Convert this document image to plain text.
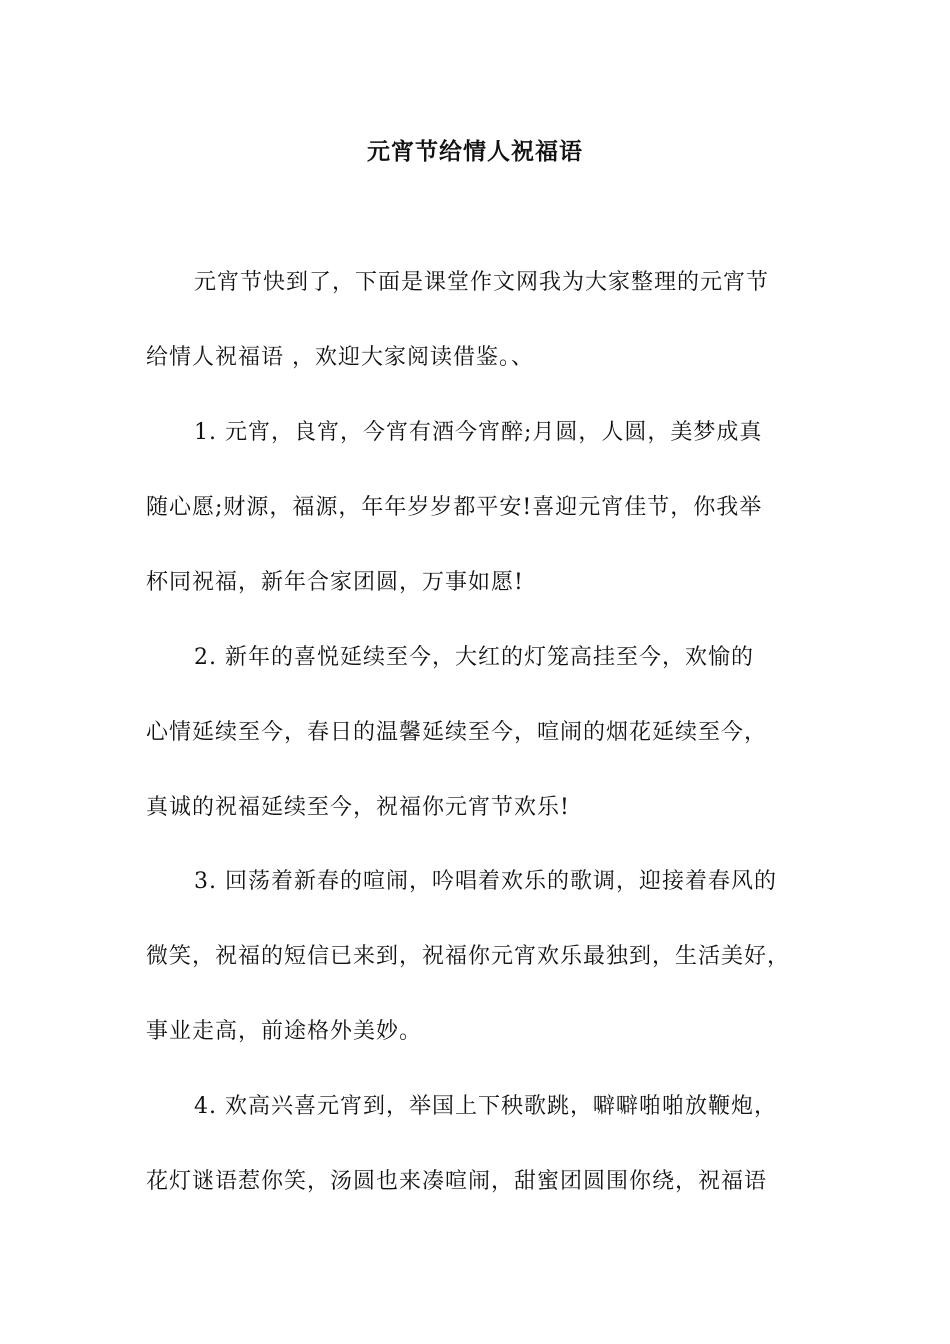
元宵节给情人祝福语
元宵节快到了，下面是课堂作文网我为大家整理的元宵节
给情人祝福语 ，欢迎大家阅读借鉴。、
1. 元宵，良宵，今宵有酒今宵醉;月圆，人圆，美梦成真
随心愿;财源，福源，年年岁岁都平安!喜迎元宵佳节，你我举
杯同祝福，新年合家团圆，万事如愿!
2. 新年的喜悦延续至今，大红的灯笼高挂至今，欢愉的
心情延续至今，春日的温馨延续至今，喧闹的烟花延续至今，
真诚的祝福延续至今，祝福你元宵节欢乐!
3. 回荡着新春的喧闹，吟唱着欢乐的歌调，迎接着春风的
微笑，祝福的短信已来到，祝福你元宵欢乐最独到，生活美好，
事业走高，前途格外美妙。
4. 欢高兴喜元宵到，举国上下秧歌跳，噼噼啪啪放鞭炮，
花灯谜语惹你笑，汤圆也来凑喧闹，甜蜜团圆围你绕，祝福语
